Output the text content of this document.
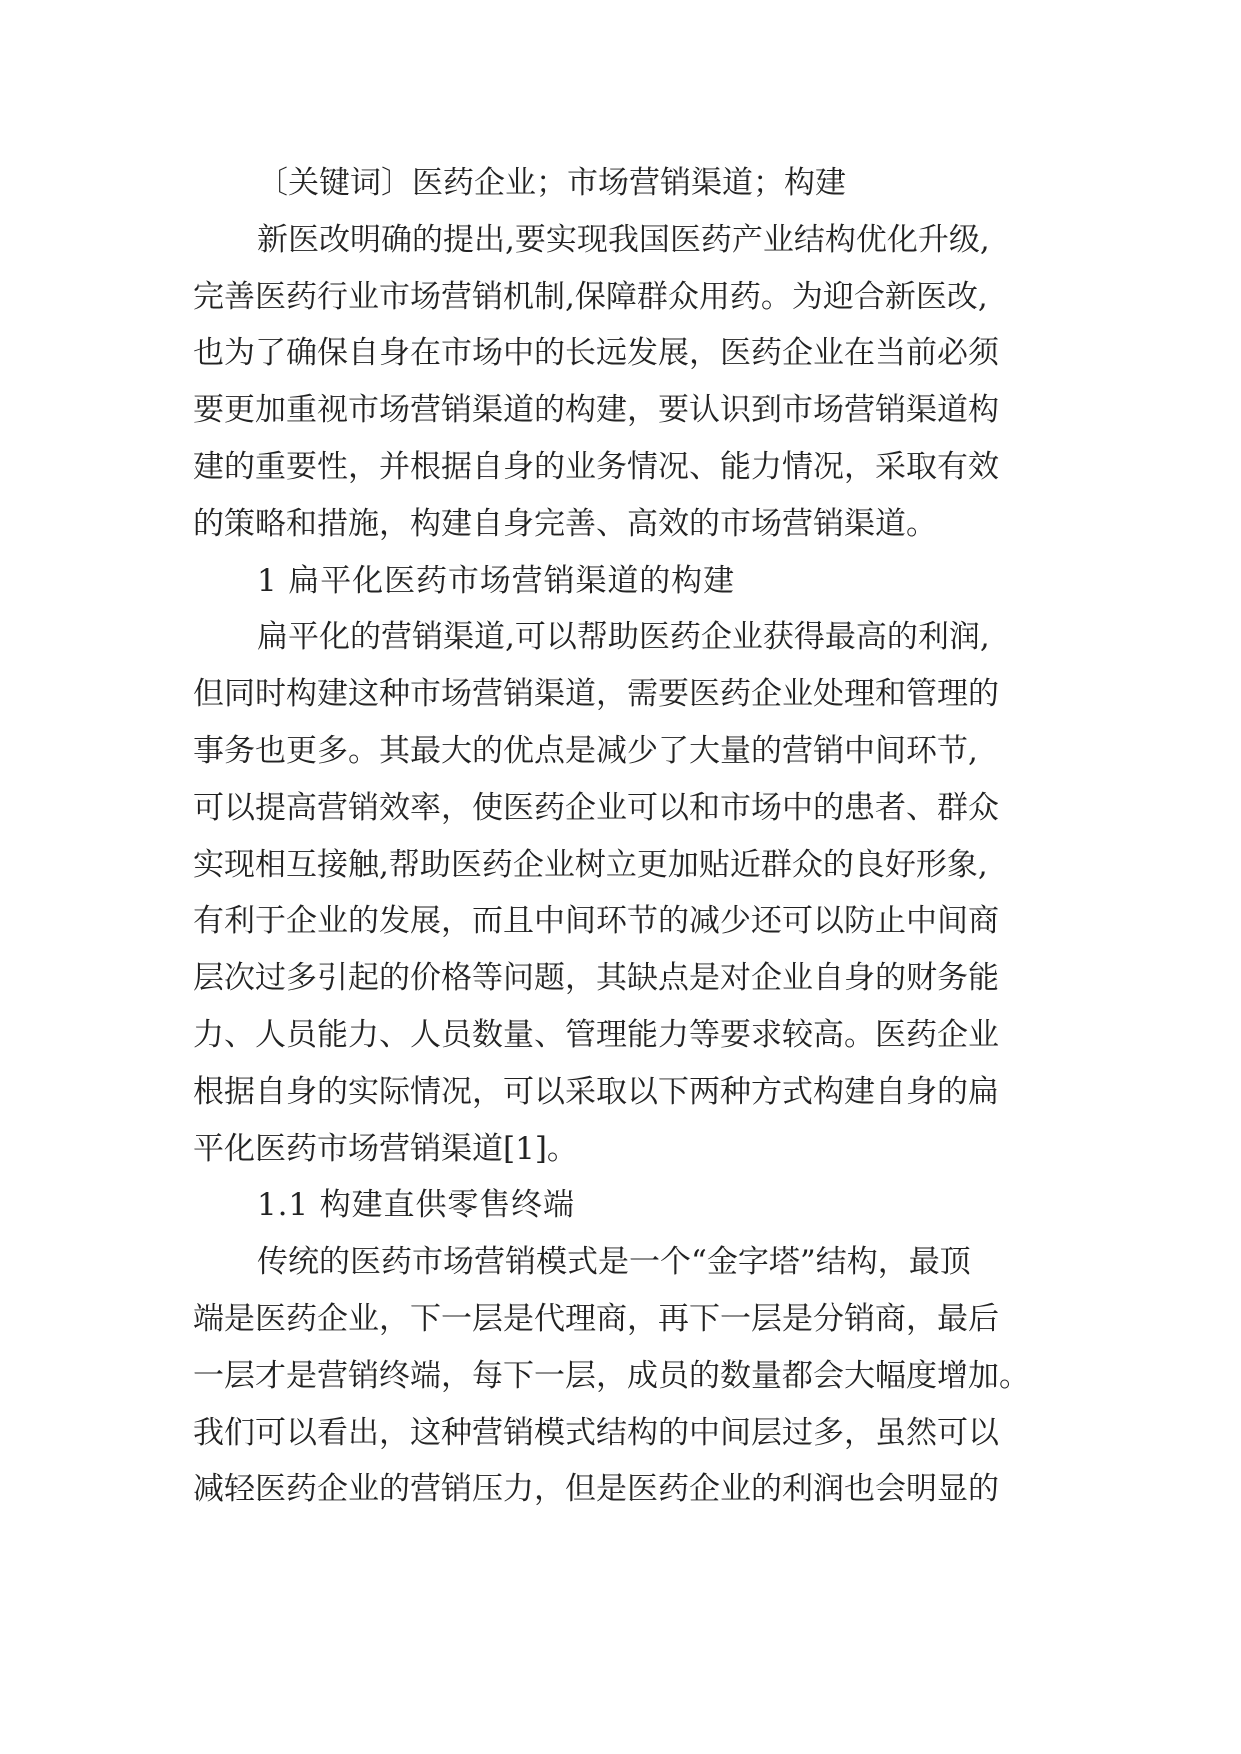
〔关键词〕医药企业；市场营销渠道；构建
新医改明确的提出,要实现我国医药产业结构优化升级,
完善医药行业市场营销机制,保障群众用药。为迎合新医改,
也为了确保自身在市场中的长远发展，医药企业在当前必须
要更加重视市场营销渠道的构建，要认识到市场营销渠道构
建的重要性，并根据自身的业务情况、能力情况，采取有效
的策略和措施，构建自身完善、高效的市场营销渠道。
1 扁平化医药市场营销渠道的构建
扁平化的营销渠道,可以帮助医药企业获得最高的利润,
但同时构建这种市场营销渠道，需要医药企业处理和管理的
事务也更多。其最大的优点是减少了大量的营销中间环节,
可以提高营销效率，使医药企业可以和市场中的患者、群众
实现相互接触,帮助医药企业树立更加贴近群众的良好形象,
有利于企业的发展，而且中间环节的减少还可以防止中间商
层次过多引起的价格等问题，其缺点是对企业自身的财务能
力、人员能力、人员数量、管理能力等要求较高。医药企业
根据自身的实际情况，可以采取以下两种方式构建自身的扁
平化医药市场营销渠道[1]。
1.1 构建直供零售终端
传统的医药市场营销模式是一个“金字塔”结构，最顶
端是医药企业，下一层是代理商，再下一层是分销商，最后
一层才是营销终端，每下一层，成员的数量都会大幅度增加。
我们可以看出，这种营销模式结构的中间层过多，虽然可以
减轻医药企业的营销压力，但是医药企业的利润也会明显的
